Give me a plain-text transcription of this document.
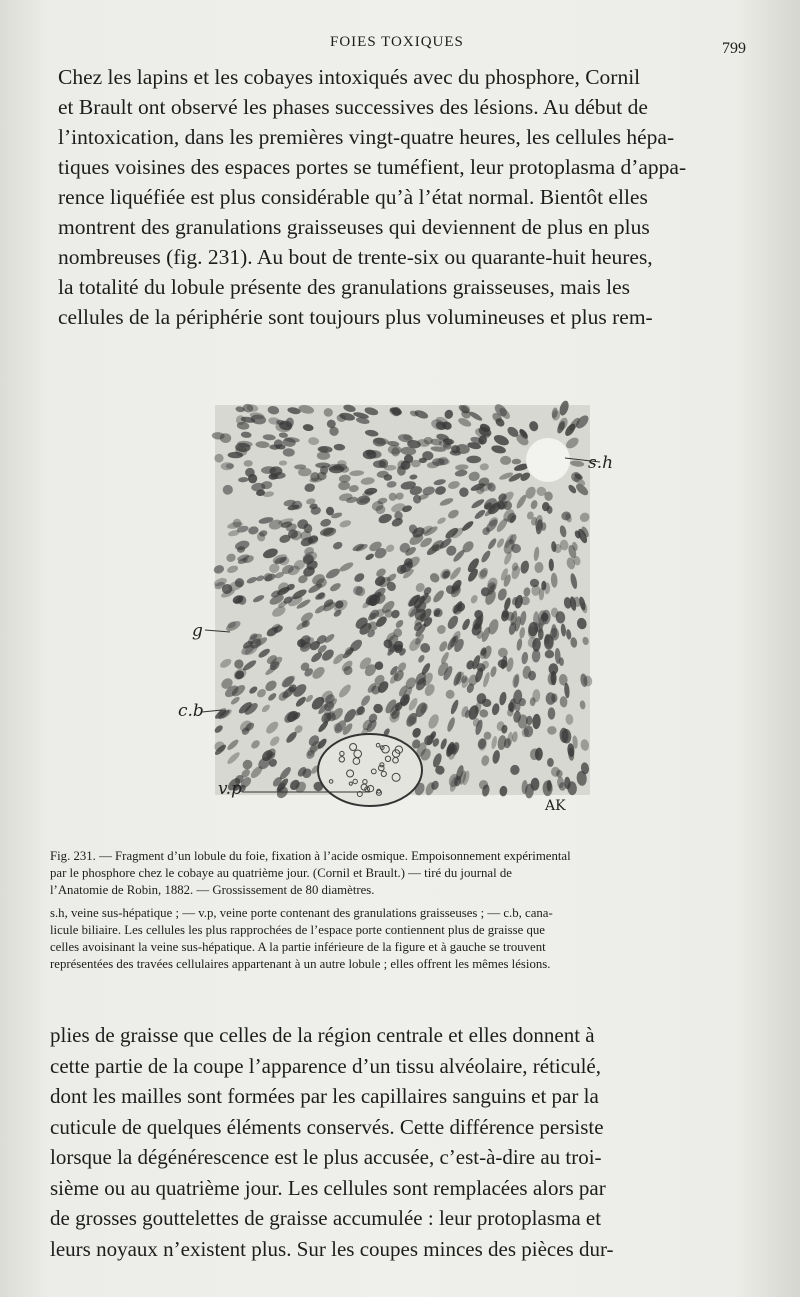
FOIES TOXIQUES	799

Chez les lapins et les cobayes intoxiqués avec du phosphore, Cornil
et Brault ont observé les phases successives des lésions. Au début de
l’intoxication, dans les premières vingt-quatre heures, les cellules hépa-
tiques voisines des espaces portes se tuméfient, leur protoplasma d’appa-
rence liquéfiée est plus considérable qu’à l’état normal. Bientôt elles
montrent des granulations graisseuses qui deviennent de plus en plus
nombreuses (fig. 231). Au bout de trente-six ou quarante-huit heures,
la totalité du lobule présente des granulations graisseuses, mais les
cellules de la périphérie sont toujours plus volumineuses et plus rem-

s.h
g
c.b
v.p
AK
Fig. 231. — Fragment d’un lobule du foie, fixation à l’acide osmique. Empoisonnement expérimental
par le phosphore chez le cobaye au quatrième jour. (Cornil et Brault.) — tiré du journal de
l’Anatomie de Robin, 1882. — Grossissement de 80 diamètres.
s.h, veine sus-hépatique ; — v.p, veine porte contenant des granulations graisseuses ; — c.b, cana-
licule biliaire. Les cellules les plus rapprochées de l’espace porte contiennent plus de graisse que
celles avoisinant la veine sus-hépatique. A la partie inférieure de la figure et à gauche se trouvent
représentées des travées cellulaires appartenant à un autre lobule ; elles offrent les mêmes lésions.

plies de graisse que celles de la région centrale et elles donnent à
cette partie de la coupe l’apparence d’un tissu alvéolaire, réticulé,
dont les mailles sont formées par les capillaires sanguins et par la
cuticule de quelques éléments conservés. Cette différence persiste
lorsque la dégénérescence est le plus accusée, c’est-à-dire au troi-
sième ou au quatrième jour. Les cellules sont remplacées alors par
de grosses gouttelettes de graisse accumulée : leur protoplasma et
leurs noyaux n’existent plus. Sur les coupes minces des pièces dur-
